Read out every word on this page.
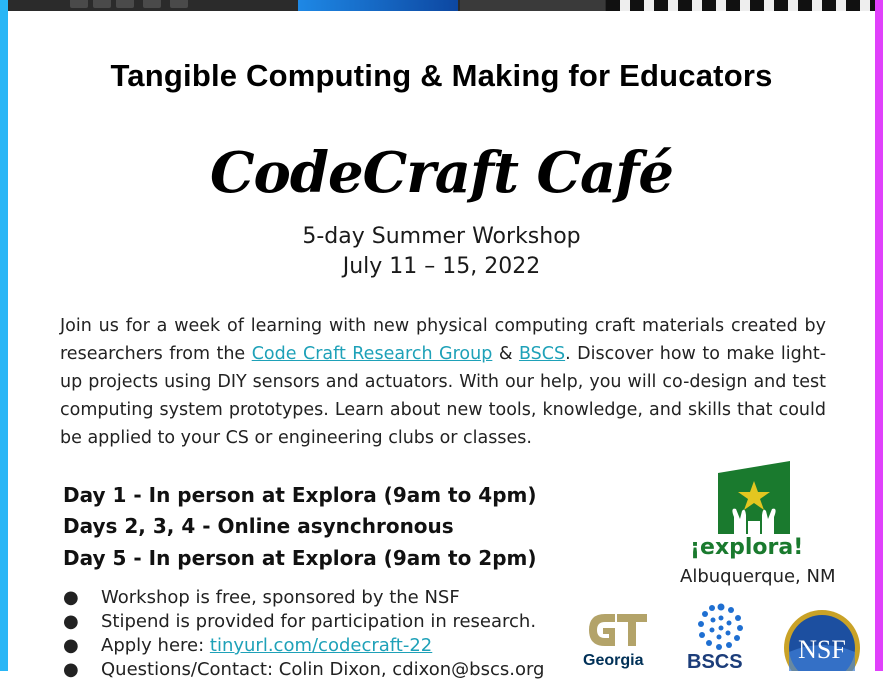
Tangible Computing & Making for Educators
CodeCraft Café
5-day Summer Workshop
July 11 – 15, 2022
Join us for a week of learning with new physical computing craft materials created by researchers from the Code Craft Research Group & BSCS. Discover how to make light-up projects using DIY sensors and actuators. With our help, you will co-design and test computing system prototypes. Learn about new tools, knowledge, and skills that could be applied to your CS or engineering clubs or classes.
Day 1 - In person at Explora (9am to 4pm)
Days 2, 3, 4 - Online asynchronous
Day 5 - In person at Explora (9am to 2pm)
● Workshop is free, sponsored by the NSF
● Stipend is provided for participation in research.
● Apply here: tinyurl.com/codecraft-22
● Questions/Contact: Colin Dixon, cdixon@bscs.org
¡explora!
Albuquerque, NM
Georgia BSCS NSF
